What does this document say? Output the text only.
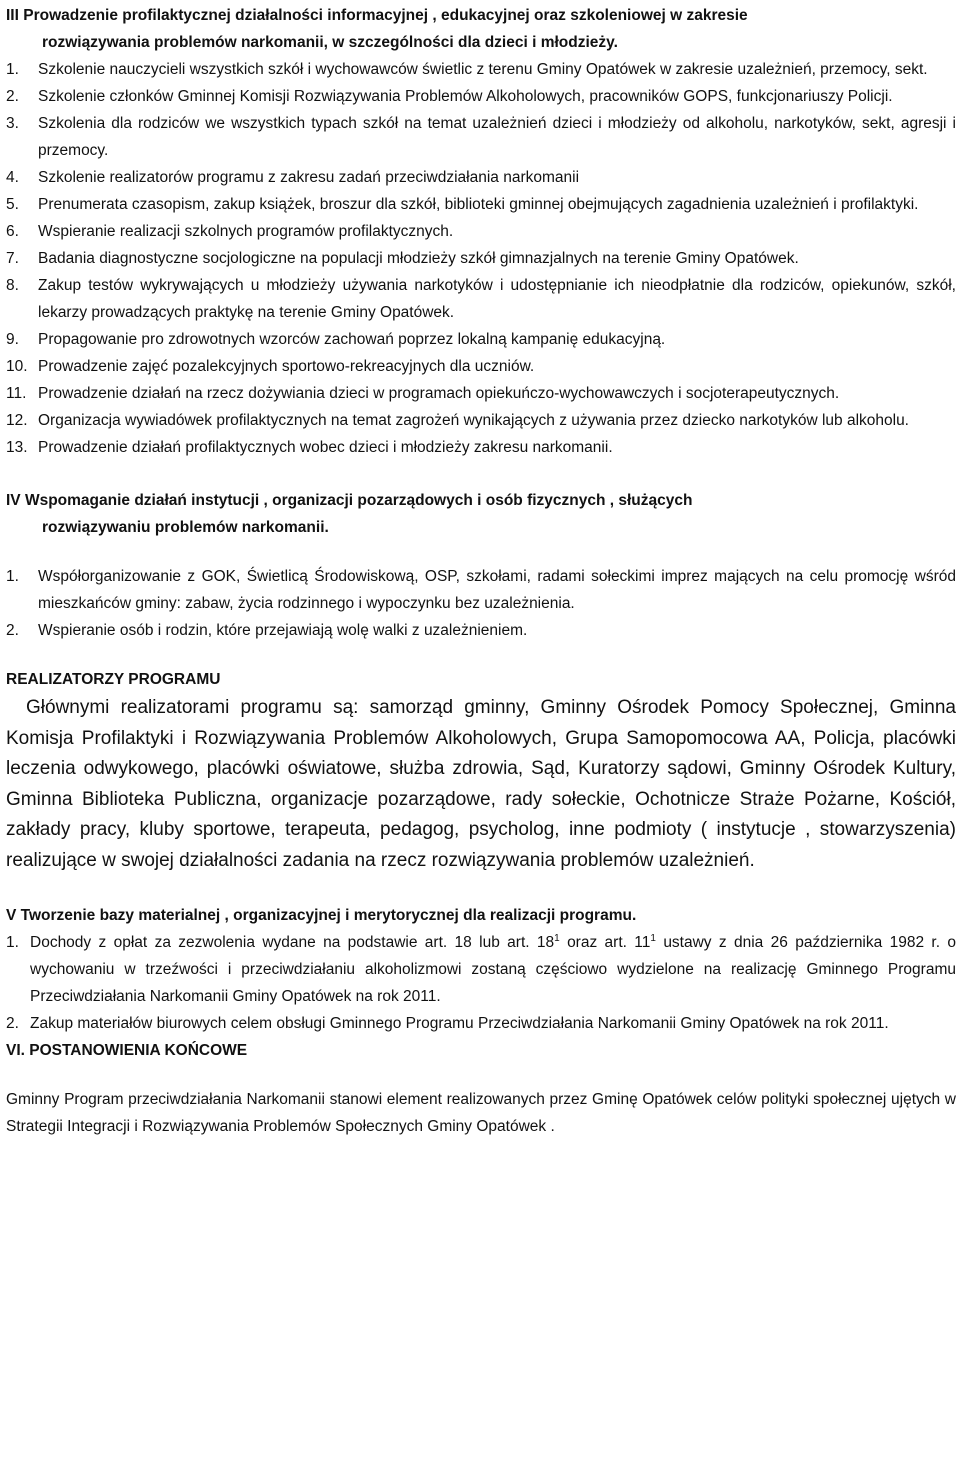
III Prowadzenie profilaktycznej działalności informacyjnej , edukacyjnej oraz szkoleniowej w zakresie
rozwiązywania problemów narkomanii, w szczególności dla dzieci i młodzieży.
1. Szkolenie nauczycieli wszystkich szkół i wychowawców świetlic z terenu Gminy Opatówek w zakresie uzależnień, przemocy, sekt.
2. Szkolenie członków Gminnej Komisji Rozwiązywania Problemów Alkoholowych, pracowników GOPS, funkcjonariuszy Policji.
3. Szkolenia dla rodziców we wszystkich typach szkół na temat uzależnień dzieci i młodzieży od alkoholu, narkotyków, sekt, agresji i przemocy.
4. Szkolenie realizatorów programu z zakresu zadań przeciwdziałania narkomanii
5. Prenumerata czasopism, zakup książek, broszur dla szkół, biblioteki gminnej obejmujących zagadnienia uzależnień i profilaktyki.
6. Wspieranie realizacji szkolnych programów profilaktycznych.
7. Badania diagnostyczne socjologiczne na populacji młodzieży szkół gimnazjalnych na terenie Gminy Opatówek.
8. Zakup testów wykrywających u młodzieży używania narkotyków i udostępnianie ich nieodpłatnie dla rodziców, opiekunów, szkół, lekarzy prowadzących praktykę na terenie Gminy Opatówek.
9. Propagowanie pro zdrowotnych wzorców zachowań poprzez lokalną kampanię edukacyjną.
10. Prowadzenie zajęć pozalekcyjnych sportowo-rekreacyjnych dla uczniów.
11. Prowadzenie działań na rzecz dożywiania dzieci w programach opiekuńczo-wychowawczych i socjoterapeutycznych.
12. Organizacja wywiadówek profilaktycznych na temat zagrożeń wynikających z używania przez dziecko narkotyków lub alkoholu.
13. Prowadzenie działań profilaktycznych wobec dzieci i młodzieży zakresu narkomanii.
IV Wspomaganie działań instytucji , organizacji pozarządowych i osób fizycznych , służących
rozwiązywaniu problemów narkomanii.
1. Współorganizowanie z GOK, Świetlicą Środowiskową, OSP, szkołami, radami sołeckimi imprez mających na celu promocję wśród mieszkańców gminy: zabaw, życia rodzinnego i wypoczynku bez uzależnienia.
2. Wspieranie osób i rodzin, które przejawiają wolę walki z uzależnieniem.
REALIZATORZY PROGRAMU

Głównymi realizatorami programu są: samorząd gminny, Gminny Ośrodek Pomocy Społecznej, Gminna Komisja Profilaktyki i Rozwiązywania Problemów Alkoholowych, Grupa Samopomocowa AA, Policja, placówki leczenia odwykowego, placówki oświatowe, służba zdrowia, Sąd, Kuratorzy sądowi, Gminny Ośrodek Kultury, Gminna Biblioteka Publiczna, organizacje pozarządowe, rady sołeckie, Ochotnicze Straże Pożarne, Kościół, zakłady pracy, kluby sportowe, terapeuta, pedagog, psycholog, inne podmioty ( instytucje , stowarzyszenia) realizujące w swojej działalności zadania na rzecz rozwiązywania problemów uzależnień.

V Tworzenie bazy materialnej , organizacyjnej i merytorycznej dla realizacji programu.
1. Dochody z opłat za zezwolenia wydane na podstawie art. 18 lub art. $18^1$ oraz art. $11^1$ ustawy z dnia 26 października 1982 r. o wychowaniu w trzeźwości i przeciwdziałaniu alkoholizmowi zostaną częściowo wydzielone na realizację Gminnego Programu Przeciwdziałania Narkomanii Gminy Opatówek na rok 2011.
2. Zakup materiałów biurowych celem obsługi Gminnego Programu Przeciwdziałania Narkomanii Gminy Opatówek na rok 2011.
VI. POSTANOWIENIA KOŃCOWE

Gminny Program przeciwdziałania Narkomanii stanowi element realizowanych przez Gminę Opatówek celów polityki społecznej ujętych w Strategii Integracji i Rozwiązywania Problemów Społecznych Gminy Opatówek .
